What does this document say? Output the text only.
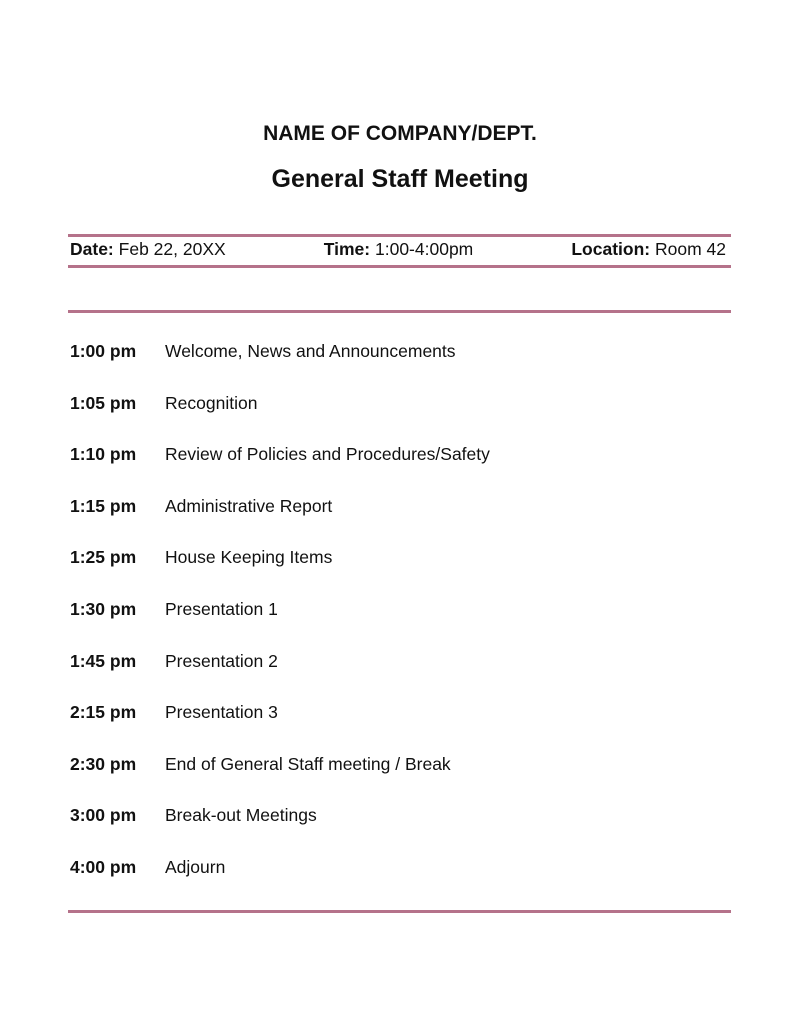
NAME OF COMPANY/DEPT.
General Staff Meeting
Date: Feb 22, 20XX	Time: 1:00-4:00pm	Location: Room 42
1:00 pm	Welcome, News and Announcements
1:05 pm	Recognition
1:10 pm	Review of Policies and Procedures/Safety
1:15 pm	Administrative Report
1:25 pm	House Keeping Items
1:30 pm	Presentation 1
1:45 pm	Presentation 2
2:15 pm	Presentation 3
2:30 pm	End of General Staff meeting / Break
3:00 pm	Break-out Meetings
4:00 pm	Adjourn
